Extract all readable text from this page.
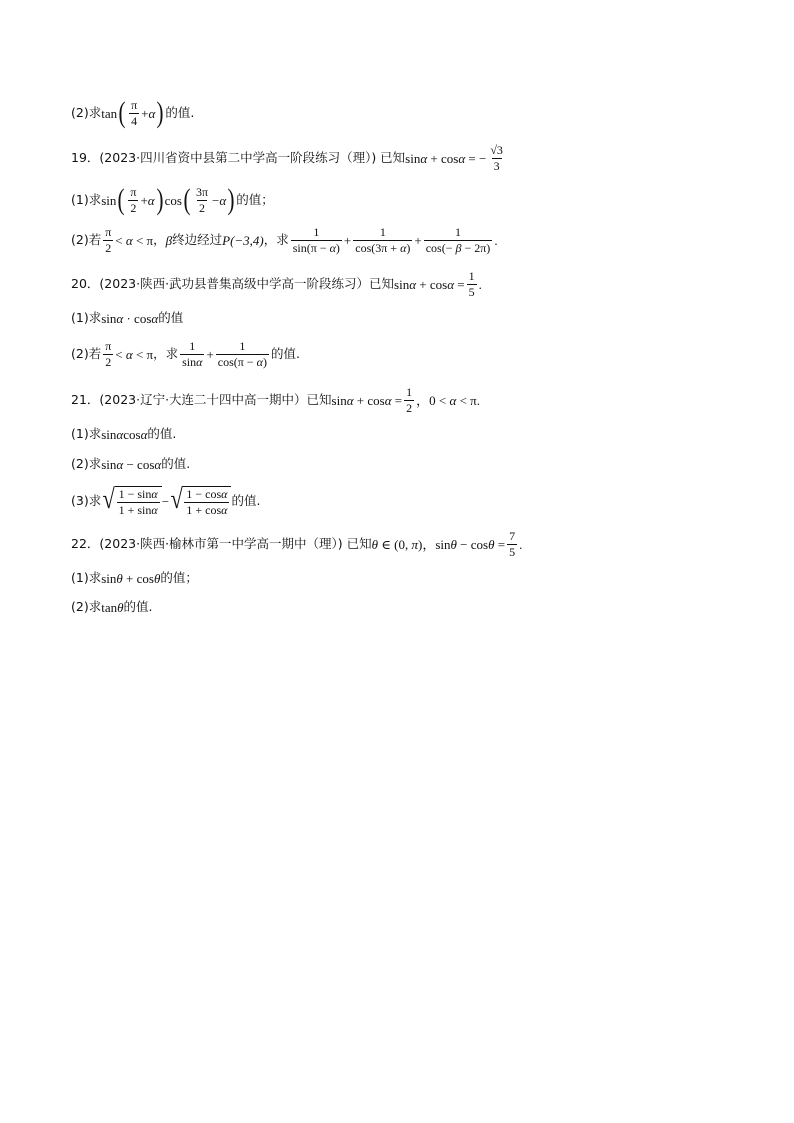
(2)求 tan ( $\frac{\pi}{4} + \alpha$ ) 的值.
19．(2023·四川省资中县第二中学高一阶段练习（理）) 已知 sinα + cosα = − $\frac{√3}{3}$
(1)求 sin ( $\frac{\pi}{2} + \alpha$ ) cos ( $\frac{3\pi}{2} - \alpha$ ) 的值；
(2)若 $\frac{\pi}{2} < \alpha < \pi$ ， β 终边经过 P(−3,4) ，求 $\frac{1}{\sin(\pi - \alpha)} + \frac{1}{\cos(3\pi + \alpha)} + \frac{1}{\cos(- \beta - 2\pi)}$ .
20．(2023·陕西·武功县普集高级中学高一阶段练习）已知 $\sin\alpha + \cos\alpha = \frac{1}{5}$ .
(1)求 sinα · cosα 的值
(2)若 $\frac{\pi}{2} < \alpha < \pi$ ，求 $\frac{1}{\sin\alpha} + \frac{1}{\cos(\pi - \alpha)}$ 的值.
21．(2023·辽宁·大连二十四中高一期中）已知 $\sin\alpha + \cos\alpha = \frac{1}{2}$ ，0 < α < π.
(1)求 sinαcosα 的值.
(2)求 sinα − cosα 的值.
(3)求 √ $\frac{1 - \sin\alpha}{1 + \sin\alpha}$ − √ $\frac{1 - \cos\alpha}{1 + \cos\alpha}$ 的值.
22．(2023·陕西·榆林市第一中学高一期中（理）) 已知 θ ∈ (0, π)，$\sin\theta - \cos\theta = \frac{7}{5}$ .
(1)求 sinθ + cosθ 的值；
(2)求 tanθ 的值.
